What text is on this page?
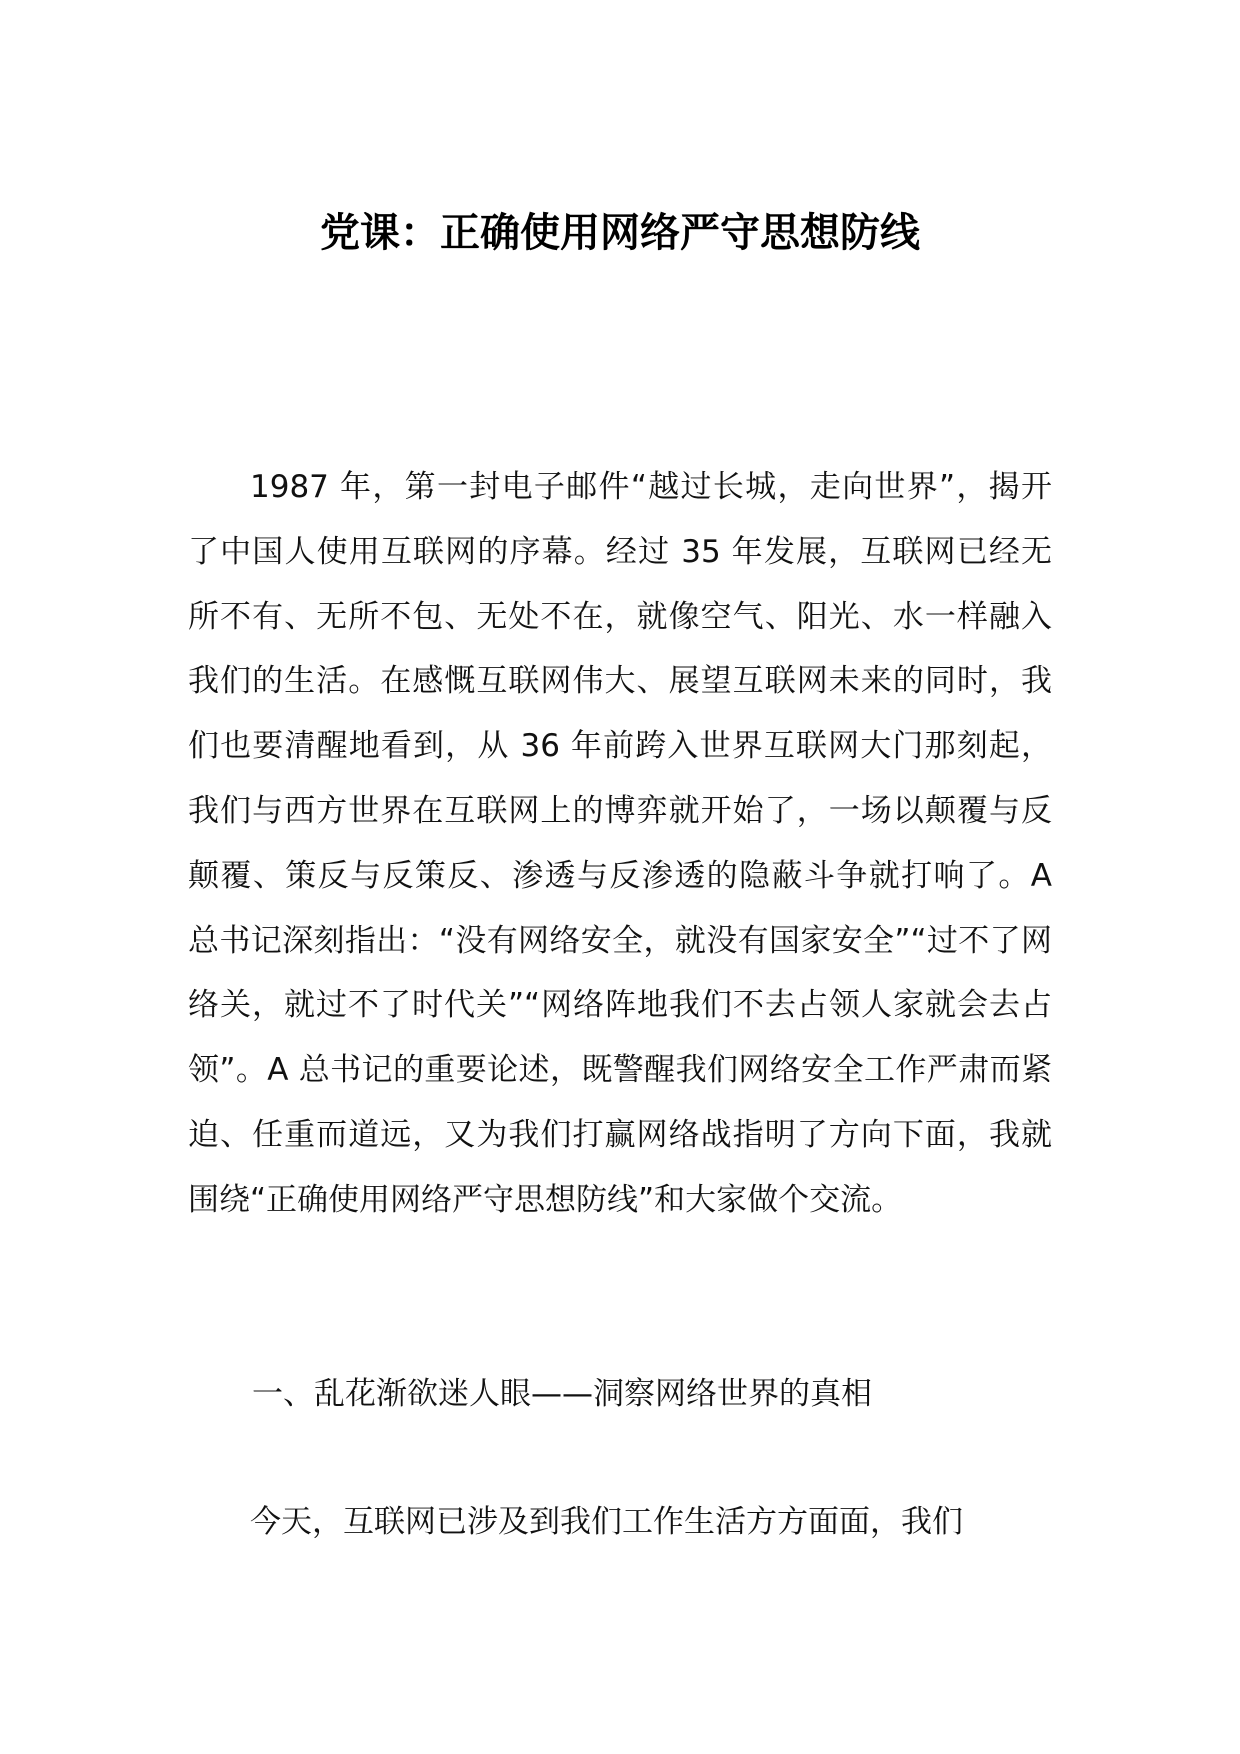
党课：正确使用网络严守思想防线

1987 年，第一封电子邮件“越过长城，走向世界”，揭开了中国人使用互联网的序幕。经过 35 年发展，互联网已经无所不有、无所不包、无处不在，就像空气、阳光、水一样融入我们的生活。在感慨互联网伟大、展望互联网未来的同时，我们也要清醒地看到，从 36 年前跨入世界互联网大门那刻起，我们与西方世界在互联网上的博弈就开始了，一场以颠覆与反颠覆、策反与反策反、渗透与反渗透的隐蔽斗争就打响了。A 总书记深刻指出：“没有网络安全，就没有国家安全”“过不了网络关，就过不了时代关”“网络阵地我们不去占领人家就会去占领”。A 总书记的重要论述，既警醒我们网络安全工作严肃而紧迫、任重而道远，又为我们打赢网络战指明了方向下面，我就围绕“正确使用网络严守思想防线”和大家做个交流。

一、乱花渐欲迷人眼——洞察网络世界的真相

今天，互联网已涉及到我们工作生活方方面面，我们
